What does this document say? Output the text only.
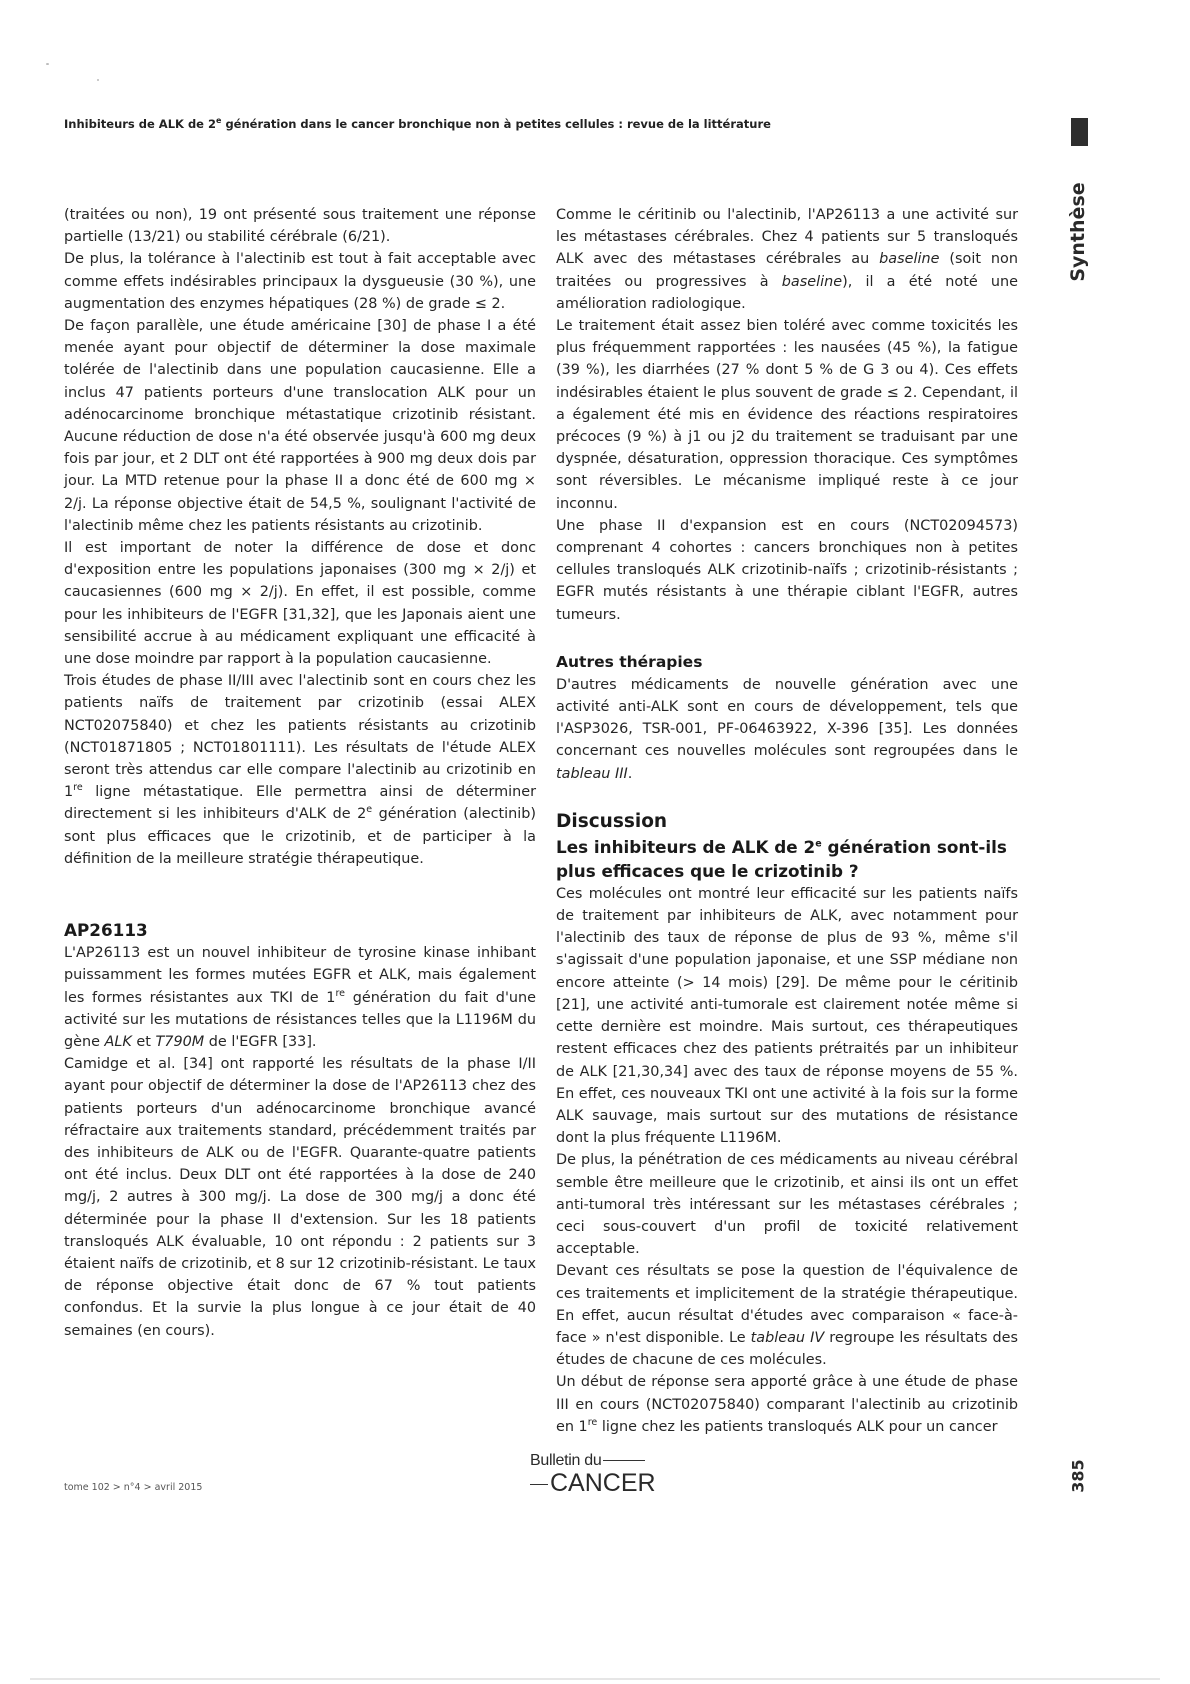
Inhibiteurs de ALK de 2e génération dans le cancer bronchique non à petites cellules : revue de la littérature
Synthèse

(traitées ou non), 19 ont présenté sous traitement une réponse partielle (13/21) ou stabilité cérébrale (6/21).

De plus, la tolérance à l'alectinib est tout à fait acceptable avec comme effets indésirables principaux la dysgueusie (30 %), une augmentation des enzymes hépatiques (28 %) de grade ≤ 2.

De façon parallèle, une étude américaine [30] de phase I a été menée ayant pour objectif de déterminer la dose maximale tolérée de l'alectinib dans une population caucasienne. Elle a inclus 47 patients porteurs d'une translocation ALK pour un adénocarcinome bronchique métastatique crizotinib résistant. Aucune réduction de dose n'a été observée jusqu'à 600 mg deux fois par jour, et 2 DLT ont été rapportées à 900 mg deux dois par jour. La MTD retenue pour la phase II a donc été de 600 mg × 2/j. La réponse objective était de 54,5 %, soulignant l'activité de l'alectinib même chez les patients résistants au crizotinib.

Il est important de noter la différence de dose et donc d'exposition entre les populations japonaises (300 mg × 2/j) et caucasiennes (600 mg × 2/j). En effet, il est possible, comme pour les inhibiteurs de l'EGFR [31,32], que les Japonais aient une sensibilité accrue à au médicament expliquant une efficacité à une dose moindre par rapport à la population caucasienne.

Trois études de phase II/III avec l'alectinib sont en cours chez les patients naïfs de traitement par crizotinib (essai ALEX NCT02075840) et chez les patients résistants au crizotinib (NCT01871805 ; NCT01801111). Les résultats de l'étude ALEX seront très attendus car elle compare l'alectinib au crizotinib en 1re ligne métastatique. Elle permettra ainsi de déterminer directement si les inhibiteurs d'ALK de 2e génération (alectinib) sont plus efficaces que le crizotinib, et de participer à la définition de la meilleure stratégie thérapeutique.

AP26113

L'AP26113 est un nouvel inhibiteur de tyrosine kinase inhibant puissamment les formes mutées EGFR et ALK, mais également les formes résistantes aux TKI de 1re génération du fait d'une activité sur les mutations de résistances telles que la L1196M du gène ALK et T790M de l'EGFR [33].

Camidge et al. [34] ont rapporté les résultats de la phase I/II ayant pour objectif de déterminer la dose de l'AP26113 chez des patients porteurs d'un adénocarcinome bronchique avancé réfractaire aux traitements standard, précédemment traités par des inhibiteurs de ALK ou de l'EGFR. Quarante-quatre patients ont été inclus. Deux DLT ont été rapportées à la dose de 240 mg/j, 2 autres à 300 mg/j. La dose de 300 mg/j a donc été déterminée pour la phase II d'extension. Sur les 18 patients transloqués ALK évaluable, 10 ont répondu : 2 patients sur 3 étaient naïfs de crizotinib, et 8 sur 12 crizotinib-résistant. Le taux de réponse objective était donc de 67 % tout patients confondus. Et la survie la plus longue à ce jour était de 40 semaines (en cours).

Comme le céritinib ou l'alectinib, l'AP26113 a une activité sur les métastases cérébrales. Chez 4 patients sur 5 transloqués ALK avec des métastases cérébrales au baseline (soit non traitées ou progressives à baseline), il a été noté une amélioration radiologique.

Le traitement était assez bien toléré avec comme toxicités les plus fréquemment rapportées : les nausées (45 %), la fatigue (39 %), les diarrhées (27 % dont 5 % de G 3 ou 4). Ces effets indésirables étaient le plus souvent de grade ≤ 2. Cependant, il a également été mis en évidence des réactions respiratoires précoces (9 %) à j1 ou j2 du traitement se traduisant par une dyspnée, désaturation, oppression thoracique. Ces symptômes sont réversibles. Le mécanisme impliqué reste à ce jour inconnu.

Une phase II d'expansion est en cours (NCT02094573) comprenant 4 cohortes : cancers bronchiques non à petites cellules transloqués ALK crizotinib-naïfs ; crizotinib-résistants ; EGFR mutés résistants à une thérapie ciblant l'EGFR, autres tumeurs.

Autres thérapies

D'autres médicaments de nouvelle génération avec une activité anti-ALK sont en cours de développement, tels que l'ASP3026, TSR-001, PF-06463922, X-396 [35]. Les données concernant ces nouvelles molécules sont regroupées dans le tableau III.

Discussion
Les inhibiteurs de ALK de 2e génération sont-ils plus efficaces que le crizotinib ?

Ces molécules ont montré leur efficacité sur les patients naïfs de traitement par inhibiteurs de ALK, avec notamment pour l'alectinib des taux de réponse de plus de 93 %, même s'il s'agissait d'une population japonaise, et une SSP médiane non encore atteinte (> 14 mois) [29]. De même pour le céritinib [21], une activité anti-tumorale est clairement notée même si cette dernière est moindre. Mais surtout, ces thérapeutiques restent efficaces chez des patients prétraités par un inhibiteur de ALK [21,30,34] avec des taux de réponse moyens de 55 %. En effet, ces nouveaux TKI ont une activité à la fois sur la forme ALK sauvage, mais surtout sur des mutations de résistance dont la plus fréquente L1196M.

De plus, la pénétration de ces médicaments au niveau cérébral semble être meilleure que le crizotinib, et ainsi ils ont un effet anti-tumoral très intéressant sur les métastases cérébrales ; ceci sous-couvert d'un profil de toxicité relativement acceptable.

Devant ces résultats se pose la question de l'équivalence de ces traitements et implicitement de la stratégie thérapeutique. En effet, aucun résultat d'études avec comparaison « face-à-face » n'est disponible. Le tableau IV regroupe les résultats des études de chacune de ces molécules.

Un début de réponse sera apporté grâce à une étude de phase III en cours (NCT02075840) comparant l'alectinib au crizotinib en 1re ligne chez les patients transloqués ALK pour un cancer

tome 102 > n°4 > avril 2015
Bulletin du
CANCER	385
